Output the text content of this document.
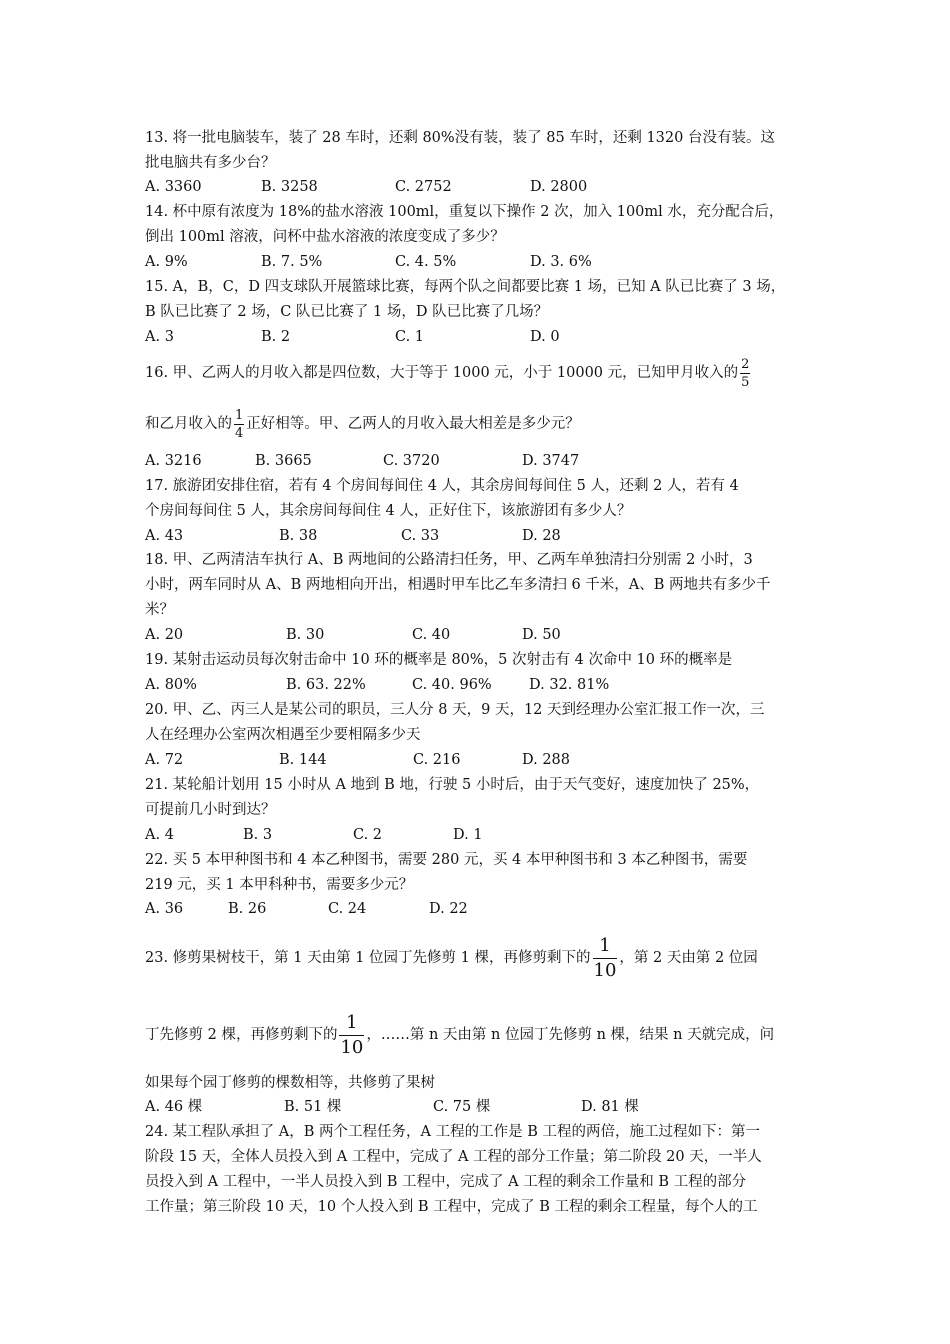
13. 将一批电脑装车，装了 28 车时，还剩 80%没有装，装了 85 车时，还剩 1320 台没有装。这
批电脑共有多少台？
A. 3360	B. 3258	C. 2752	D. 2800
14. 杯中原有浓度为 18%的盐水溶液 100ml，重复以下操作 2 次，加入 100ml 水，充分配合后，
倒出 100ml 溶液，问杯中盐水溶液的浓度变成了多少？
A. 9%	B. 7. 5%	C. 4. 5%	D. 3. 6%
15. A，B，C，D 四支球队开展篮球比赛，每两个队之间都要比赛 1 场，已知 A 队已比赛了 3 场，
B 队已比赛了 2 场，C 队已比赛了 1 场，D 队已比赛了几场？
A. 3	B. 2	C. 1	D. 0
16. 甲、乙两人的月收入都是四位数，大于等于 1000 元，小于 10000 元，已知甲月收入的 $\frac{2}{5}$
和乙月收入的 $\frac{1}{4}$ 正好相等。甲、乙两人的月收入最大相差是多少元？
A. 3216	B. 3665	C. 3720	D. 3747
17. 旅游团安排住宿，若有 4 个房间每间住 4 人，其余房间每间住 5 人，还剩 2 人，若有 4
个房间每间住 5 人，其余房间每间住 4 人，正好住下，该旅游团有多少人？
A. 43	B. 38	C. 33	D. 28
18. 甲、乙两清洁车执行 A、B 两地间的公路清扫任务，甲、乙两车单独清扫分别需 2 小时，3
小时，两车同时从 A、B 两地相向开出，相遇时甲车比乙车多清扫 6 千米，A、B 两地共有多少千
米？
A. 20	B. 30	C. 40	D. 50
19. 某射击运动员每次射击命中 10 环的概率是 80%，5 次射击有 4 次命中 10 环的概率是
A. 80%	B. 63. 22%	C. 40. 96%	D. 32. 81%
20. 甲、乙、丙三人是某公司的职员，三人分 8 天，9 天，12 天到经理办公室汇报工作一次，三
人在经理办公室两次相遇至少要相隔多少天
A. 72	B. 144	C. 216	D. 288
21. 某轮船计划用 15 小时从 A 地到 B 地，行驶 5 小时后，由于天气变好，速度加快了 25%，
可提前几小时到达？
A. 4	B. 3	C. 2	D. 1
22. 买 5 本甲种图书和 4 本乙种图书，需要 280 元，买 4 本甲种图书和 3 本乙种图书，需要
219 元，买 1 本甲科种书，需要多少元？
A. 36	B. 26	C. 24	D. 22
23. 修剪果树枝干，第 1 天由第 1 位园丁先修剪 1 棵，再修剪剩下的 $\frac{1}{10}$ ，第 2 天由第 2 位园
丁先修剪 2 棵，再修剪剩下的 $\frac{1}{10}$ ，……第 n 天由第 n 位园丁先修剪 n 棵，结果 n 天就完成，问
如果每个园丁修剪的棵数相等，共修剪了果树
A. 46 棵	B. 51 棵	C. 75 棵	D. 81 棵
24. 某工程队承担了 A，B 两个工程任务，A 工程的工作是 B 工程的两倍，施工过程如下：第一
阶段 15 天，全体人员投入到 A 工程中，完成了 A 工程的部分工作量；第二阶段 20 天，一半人
员投入到 A 工程中，一半人员投入到 B 工程中，完成了 A 工程的剩余工作量和 B 工程的部分
工作量；第三阶段 10 天，10 个人投入到 B 工程中，完成了 B 工程的剩余工程量，每个人的工
